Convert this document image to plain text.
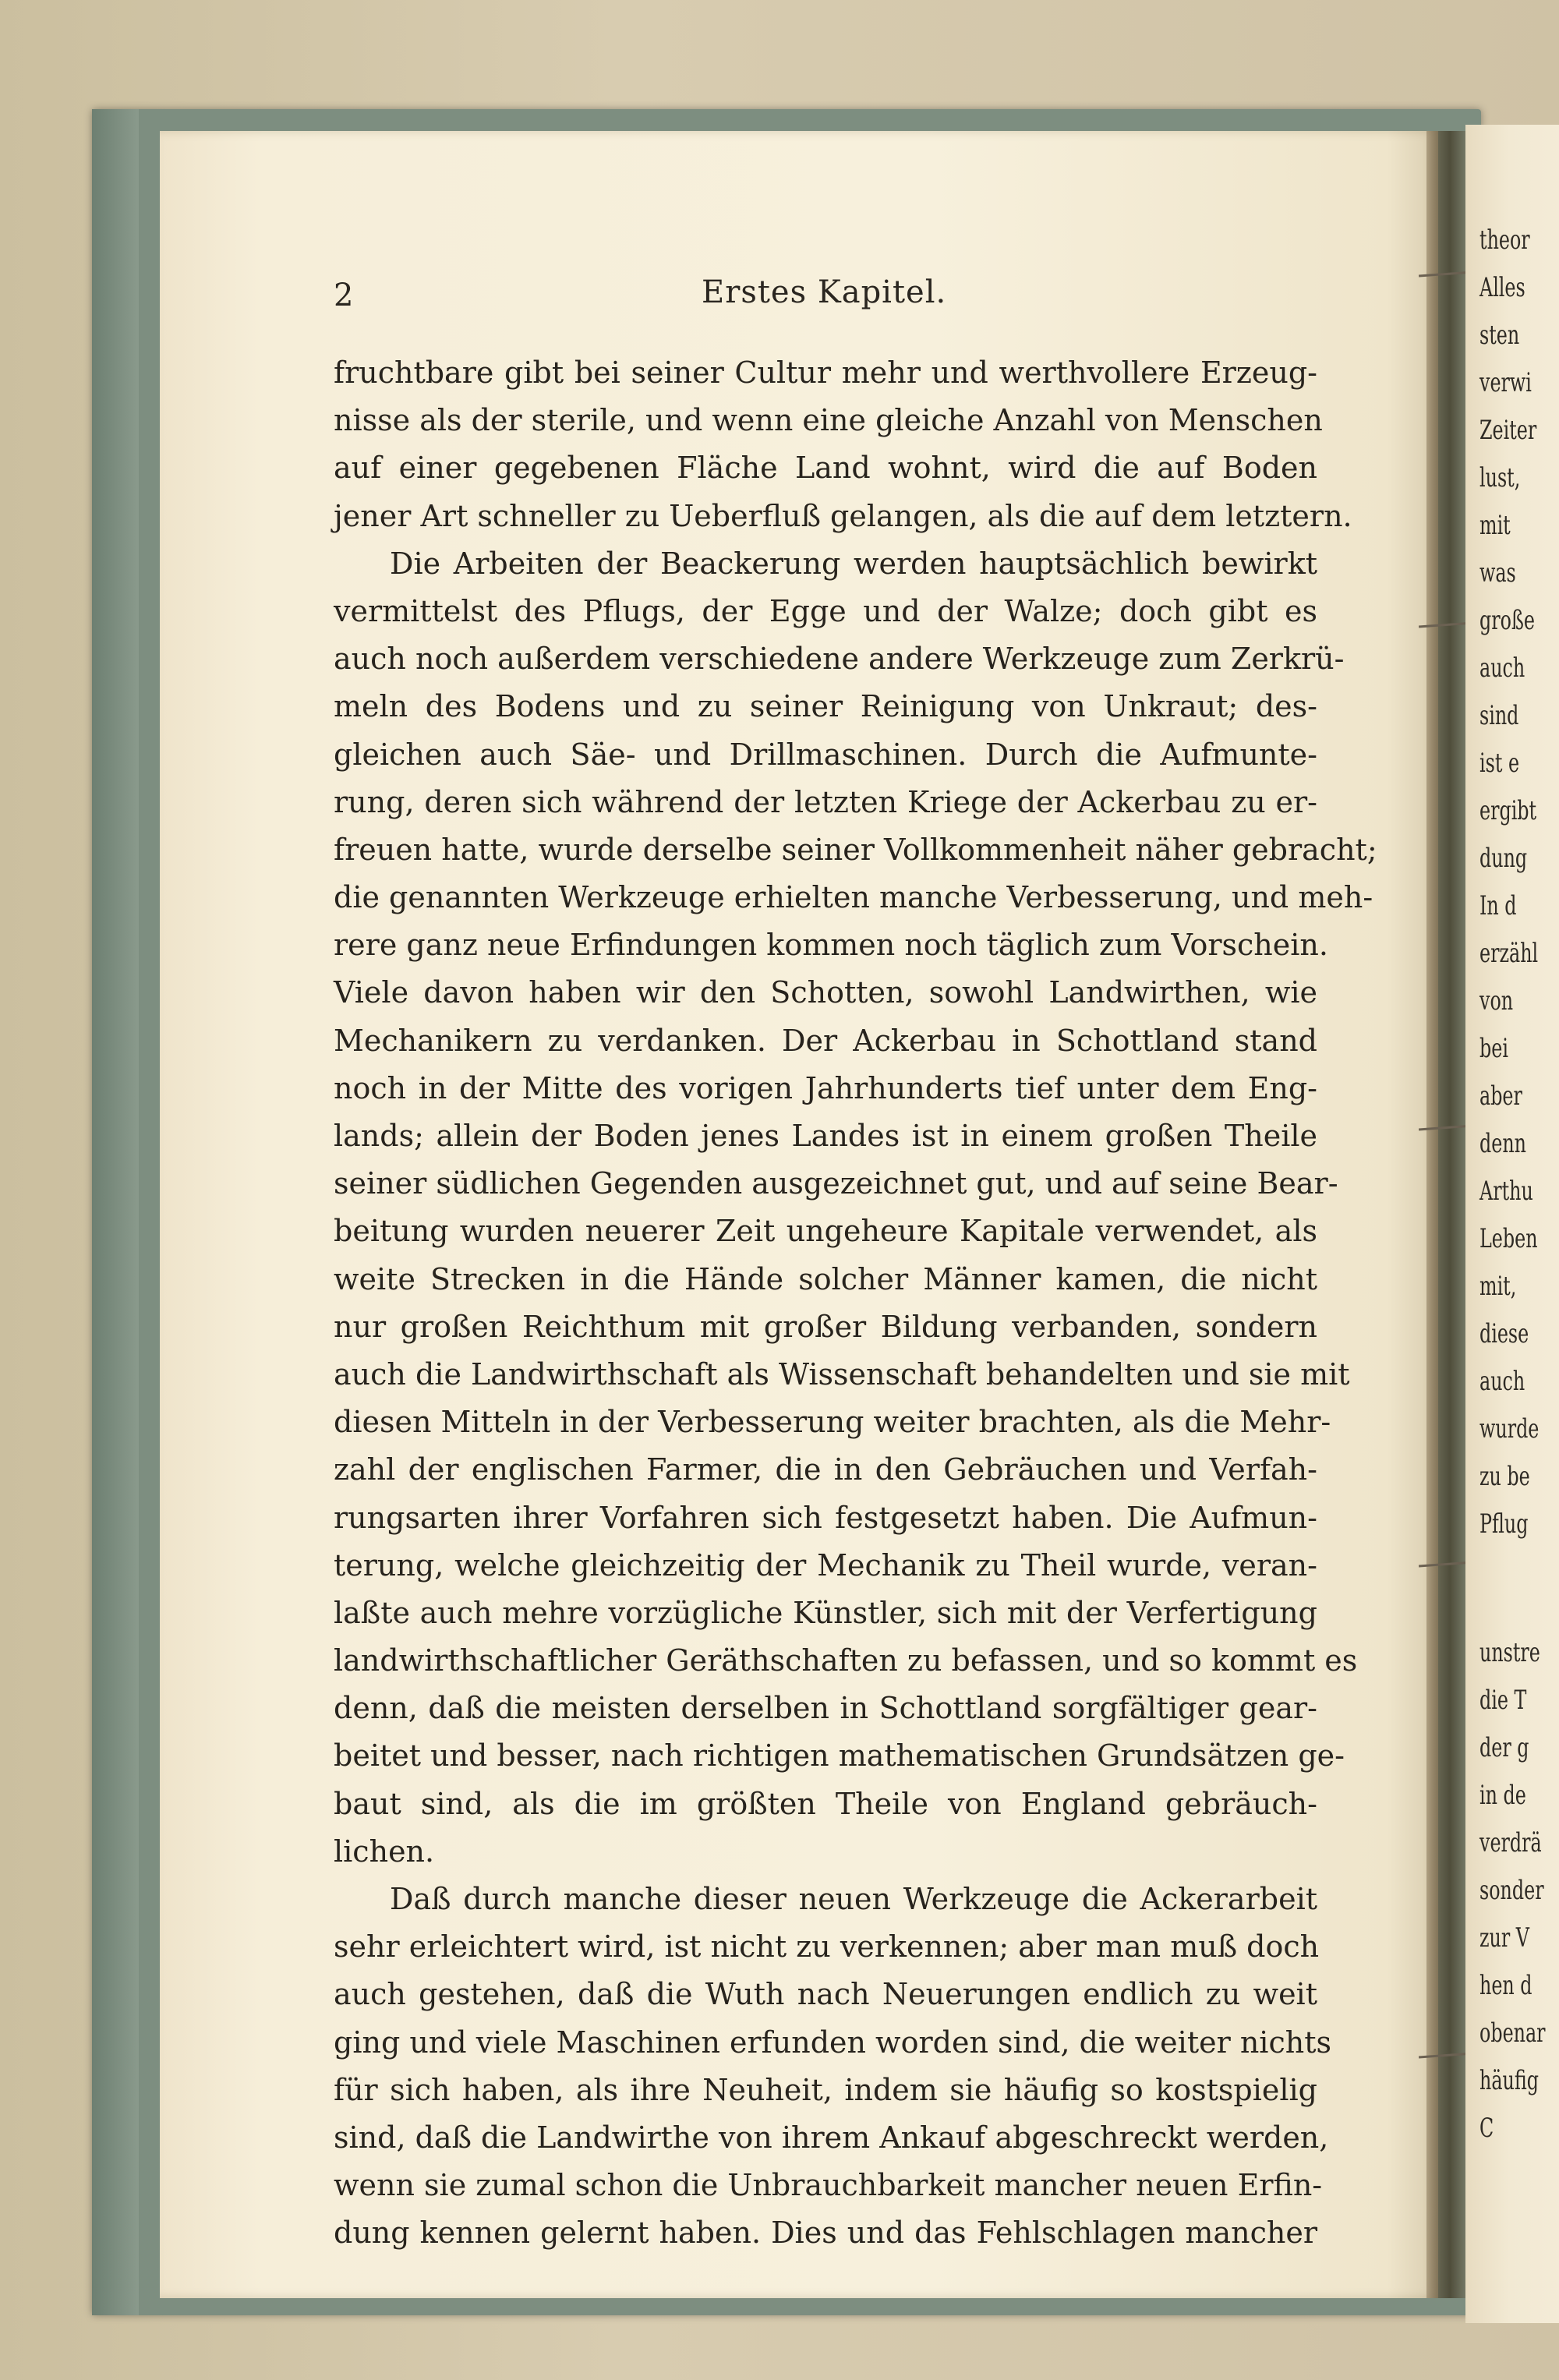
theor
Alles
sten
verwi
Zeiter
lust,
mit
was
große
auch
sind
ist e
ergibt
dung
In d
erzähl
von
bei
aber
denn
Arthu
Leben
mit,
diese
auch
wurde
zu be
Pflug
unstre
die T
der g
in de
verdrä
sonder
zur V
hen d
obenar
häufig
C
2	Erstes Kapitel.
fruchtbare gibt bei seiner Cultur mehr und werthvollere Erzeug-
nisse als der sterile, und wenn eine gleiche Anzahl von Menschen
auf einer gegebenen Fläche Land wohnt, wird die auf Boden
jener Art schneller zu Ueberfluß gelangen, als die auf dem letztern.
Die Arbeiten der Beackerung werden hauptsächlich bewirkt
vermittelst des Pflugs, der Egge und der Walze; doch gibt es
auch noch außerdem verschiedene andere Werkzeuge zum Zerkrü-
meln des Bodens und zu seiner Reinigung von Unkraut; des-
gleichen auch Säe- und Drillmaschinen. Durch die Aufmunte-
rung, deren sich während der letzten Kriege der Ackerbau zu er-
freuen hatte, wurde derselbe seiner Vollkommenheit näher gebracht;
die genannten Werkzeuge erhielten manche Verbesserung, und meh-
rere ganz neue Erfindungen kommen noch täglich zum Vorschein.
Viele davon haben wir den Schotten, sowohl Landwirthen, wie
Mechanikern zu verdanken. Der Ackerbau in Schottland stand
noch in der Mitte des vorigen Jahrhunderts tief unter dem Eng-
lands; allein der Boden jenes Landes ist in einem großen Theile
seiner südlichen Gegenden ausgezeichnet gut, und auf seine Bear-
beitung wurden neuerer Zeit ungeheure Kapitale verwendet, als
weite Strecken in die Hände solcher Männer kamen, die nicht
nur großen Reichthum mit großer Bildung verbanden, sondern
auch die Landwirthschaft als Wissenschaft behandelten und sie mit
diesen Mitteln in der Verbesserung weiter brachten, als die Mehr-
zahl der englischen Farmer, die in den Gebräuchen und Verfah-
rungsarten ihrer Vorfahren sich festgesetzt haben. Die Aufmun-
terung, welche gleichzeitig der Mechanik zu Theil wurde, veran-
laßte auch mehre vorzügliche Künstler, sich mit der Verfertigung
landwirthschaftlicher Geräthschaften zu befassen, und so kommt es
denn, daß die meisten derselben in Schottland sorgfältiger gear-
beitet und besser, nach richtigen mathematischen Grundsätzen ge-
baut sind, als die im größten Theile von England gebräuch-
lichen.
Daß durch manche dieser neuen Werkzeuge die Ackerarbeit
sehr erleichtert wird, ist nicht zu verkennen; aber man muß doch
auch gestehen, daß die Wuth nach Neuerungen endlich zu weit
ging und viele Maschinen erfunden worden sind, die weiter nichts
für sich haben, als ihre Neuheit, indem sie häufig so kostspielig
sind, daß die Landwirthe von ihrem Ankauf abgeschreckt werden,
wenn sie zumal schon die Unbrauchbarkeit mancher neuen Erfin-
dung kennen gelernt haben. Dies und das Fehlschlagen mancher
